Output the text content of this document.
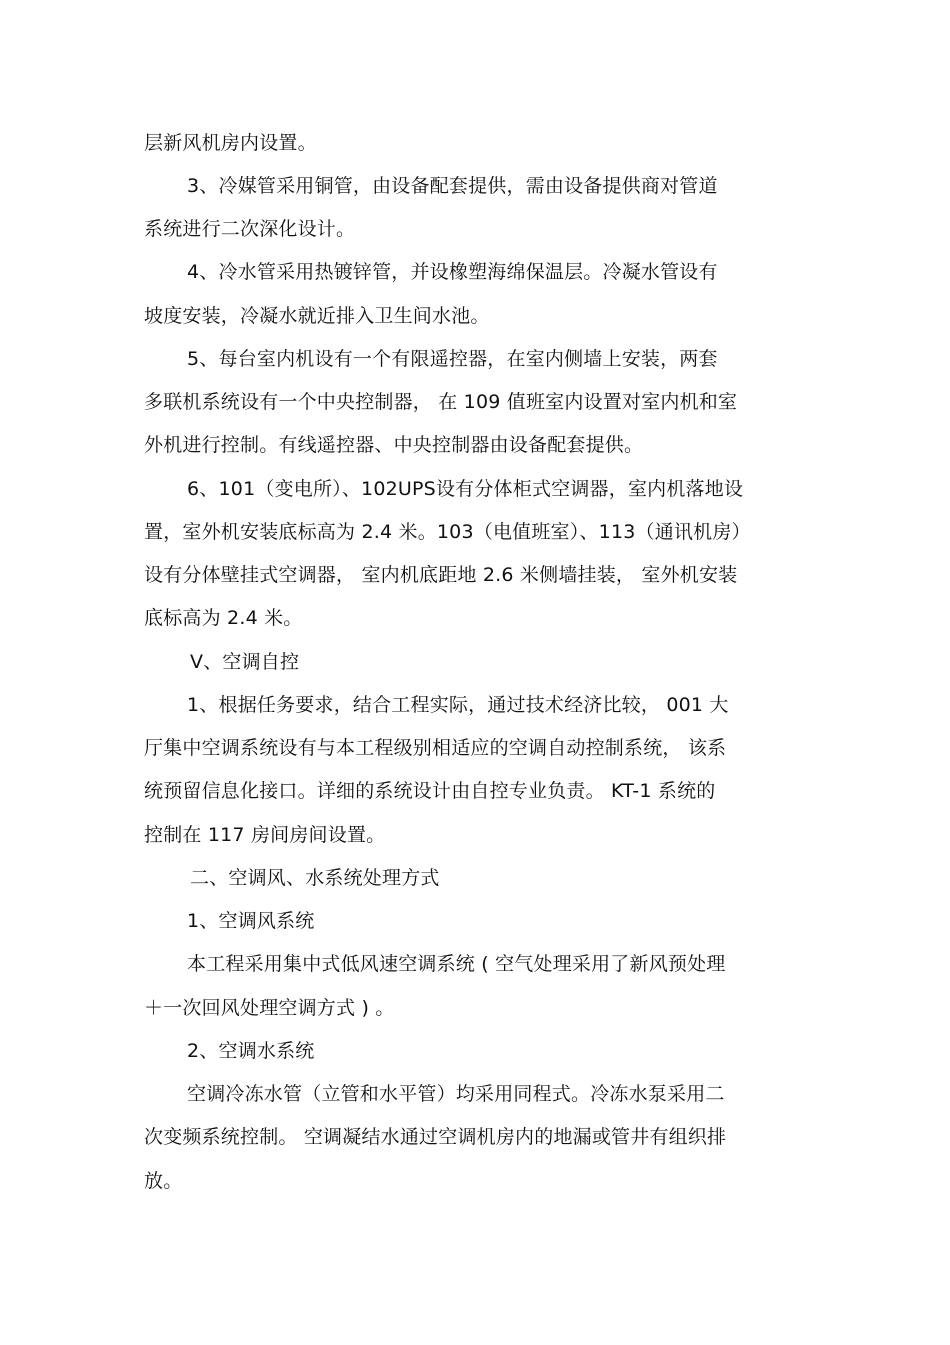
层新风机房内设置。
3、冷媒管采用铜管，由设备配套提供，需由设备提供商对管道
系统进行二次深化设计。
4、冷水管采用热镀锌管，并设橡塑海绵保温层。冷凝水管设有
坡度安装，冷凝水就近排入卫生间水池。
5、每台室内机设有一个有限遥控器，在室内侧墙上安装，两套
多联机系统设有一个中央控制器， 在 109 值班室内设置对室内机和室
外机进行控制。有线遥控器、中央控制器由设备配套提供。
6、101（变电所）、102UPS设有分体柜式空调器，室内机落地设
置，室外机安装底标高为 2.4 米。103（电值班室）、113（通讯机房）
设有分体壁挂式空调器， 室内机底距地 2.6 米侧墙挂装， 室外机安装
底标高为 2.4 米。
Ⅴ、空调自控
1、根据任务要求，结合工程实际，通过技术经济比较， 001 大
厅集中空调系统设有与本工程级别相适应的空调自动控制系统， 该系
统预留信息化接口。详细的系统设计由自控专业负责。 KT-1 系统的
控制在 117 房间房间设置。
二、空调风、水系统处理方式
1、空调风系统
本工程采用集中式低风速空调系统 ( 空气处理采用了新风预处理
＋一次回风处理空调方式 ) 。
2、空调水系统
空调冷冻水管（立管和水平管）均采用同程式。冷冻水泵采用二
次变频系统控制。 空调凝结水通过空调机房内的地漏或管井有组织排
放。
